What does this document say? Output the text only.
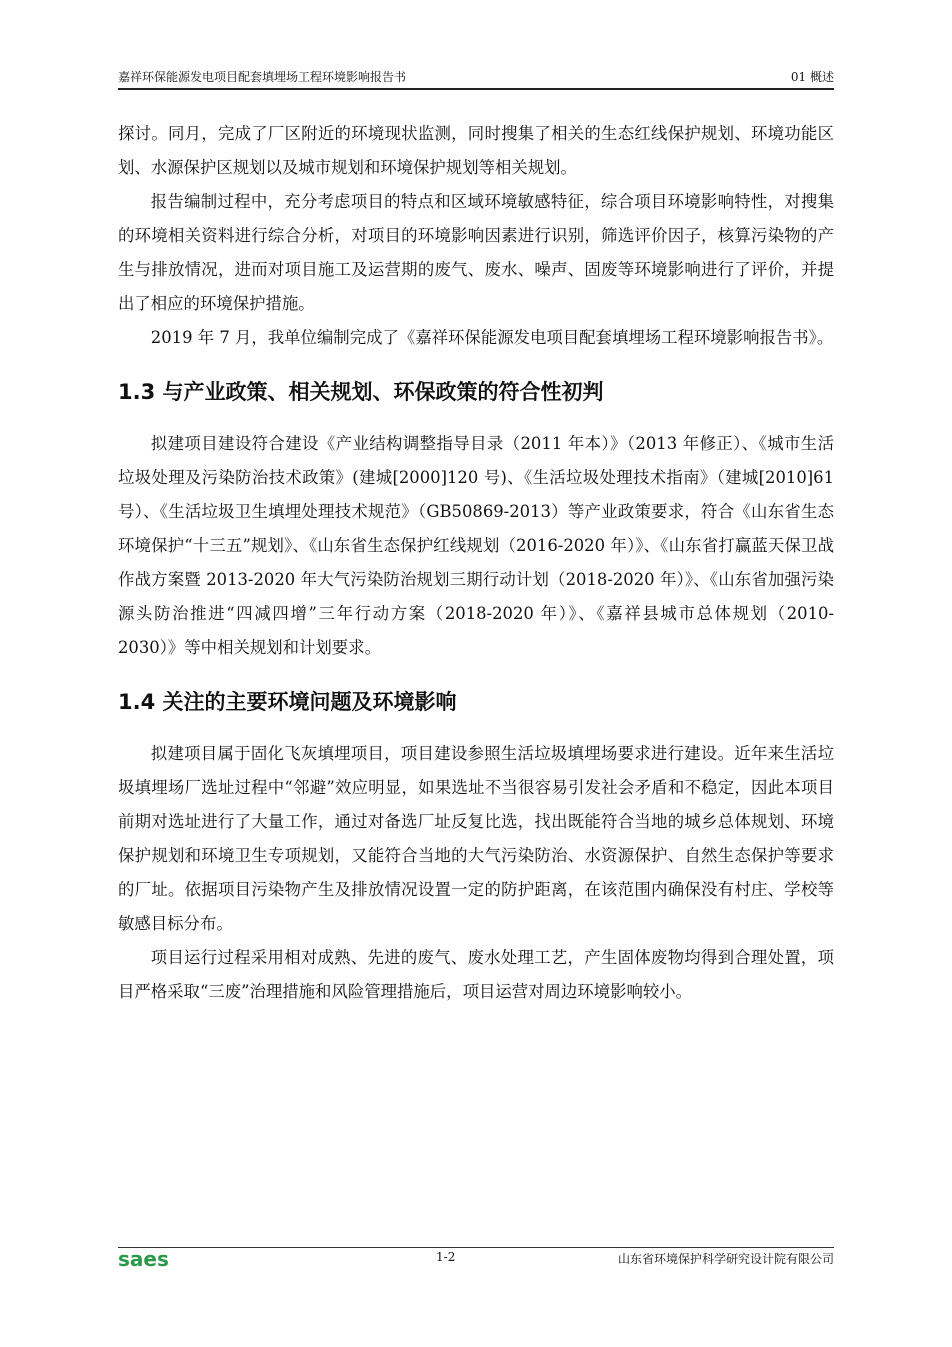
嘉祥环保能源发电项目配套填埋场工程环境影响报告书	01 概述

探讨。同月，完成了厂区附近的环境现状监测，同时搜集了相关的生态红线保护规划、环境功能区划、水源保护区规划以及城市规划和环境保护规划等相关规划。

报告编制过程中，充分考虑项目的特点和区域环境敏感特征，综合项目环境影响特性，对搜集的环境相关资料进行综合分析，对项目的环境影响因素进行识别，筛选评价因子，核算污染物的产生与排放情况，进而对项目施工及运营期的废气、废水、噪声、固废等环境影响进行了评价，并提出了相应的环境保护措施。

2019 年 7 月，我单位编制完成了《嘉祥环保能源发电项目配套填埋场工程环境影响报告书》。

1.3 与产业政策、相关规划、环保政策的符合性初判

拟建项目建设符合建设《产业结构调整指导目录（2011 年本）》（2013 年修正）、《城市生活垃圾处理及污染防治技术政策》(建城[2000]120 号)、《生活垃圾处理技术指南》（建城[2010]61 号）、《生活垃圾卫生填埋处理技术规范》（GB50869-2013）等产业政策要求，符合《山东省生态环境保护“十三五”规划》、《山东省生态保护红线规划（2016-2020 年）》、《山东省打赢蓝天保卫战作战方案暨 2013-2020 年大气污染防治规划三期行动计划（2018-2020 年）》、《山东省加强污染源头防治推进“四减四增”三年行动方案（2018-2020 年）》、《嘉祥县城市总体规划（2010-2030）》等中相关规划和计划要求。

1.4 关注的主要环境问题及环境影响

拟建项目属于固化飞灰填埋项目，项目建设参照生活垃圾填埋场要求进行建设。近年来生活垃圾填埋场厂选址过程中“邻避”效应明显，如果选址不当很容易引发社会矛盾和不稳定，因此本项目前期对选址进行了大量工作，通过对备选厂址反复比选，找出既能符合当地的城乡总体规划、环境保护规划和环境卫生专项规划，又能符合当地的大气污染防治、水资源保护、自然生态保护等要求的厂址。依据项目污染物产生及排放情况设置一定的防护距离，在该范围内确保没有村庄、学校等敏感目标分布。

项目运行过程采用相对成熟、先进的废气、废水处理工艺，产生固体废物均得到合理处置，项目严格采取“三废”治理措施和风险管理措施后，项目运营对周边环境影响较小。

saes	1-2	山东省环境保护科学研究设计院有限公司
